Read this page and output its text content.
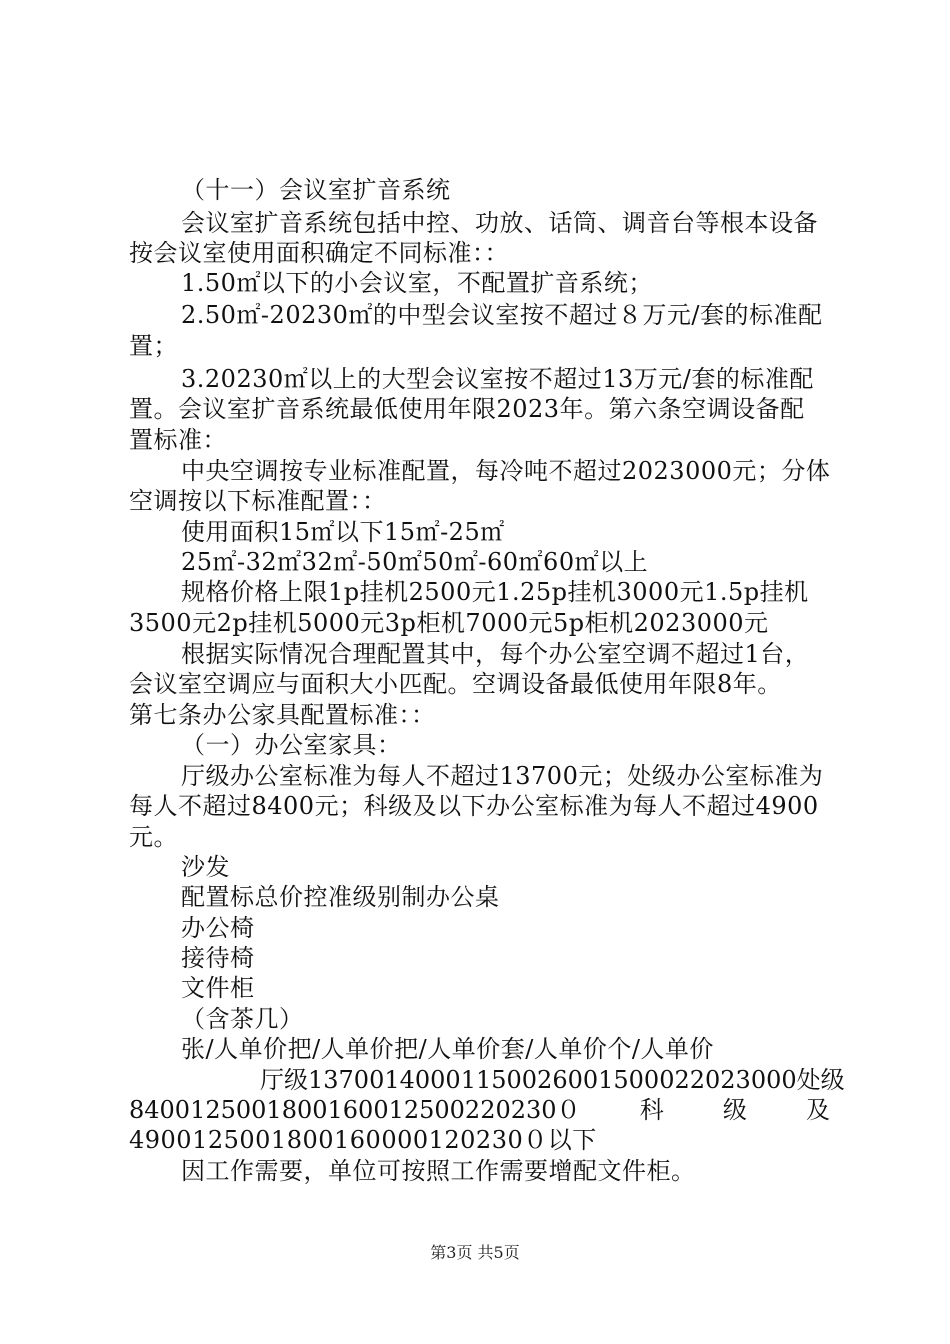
（十一）会议室扩音系统
会议室扩音系统包括中控、功放、话筒、调音台等根本设备
按会议室使用面积确定不同标准：：
1.50㎡以下的小会议室，不配置扩音系统；
2.50㎡-20230㎡的中型会议室按不超过８万元/套的标准配
置；
3.20230㎡以上的大型会议室按不超过13万元/套的标准配
置。会议室扩音系统最低使用年限2023年。第六条空调设备配
置标准：
中央空调按专业标准配置，每冷吨不超过2023000元；分体
空调按以下标准配置：：
使用面积15㎡以下15㎡-25㎡
25㎡-32㎡32㎡-50㎡50㎡-60㎡60㎡以上
规格价格上限1p挂机2500元1.25p挂机3000元1.5p挂机
3500元2p挂机5000元3p柜机7000元5p柜机2023000元
根据实际情况合理配置其中，每个办公室空调不超过1台，
会议室空调应与面积大小匹配。空调设备最低使用年限8年。
第七条办公家具配置标准：：
（一）办公室家具：
厅级办公室标准为每人不超过13700元；处级办公室标准为
每人不超过8400元；科级及以下办公室标准为每人不超过4900
元。
沙发
配置标总价控准级别制办公桌
办公椅
接待椅
文件柜
（含茶几）
张/人单价把/人单价把/人单价套/人单价个/人单价
厅 级 13700140001150026001500022023000 处 级
8400125001800160012500220230０ 科 级 及
4900125001800160000120230０以下
因工作需要，单位可按照工作需要增配文件柜。
第3页 共5页
